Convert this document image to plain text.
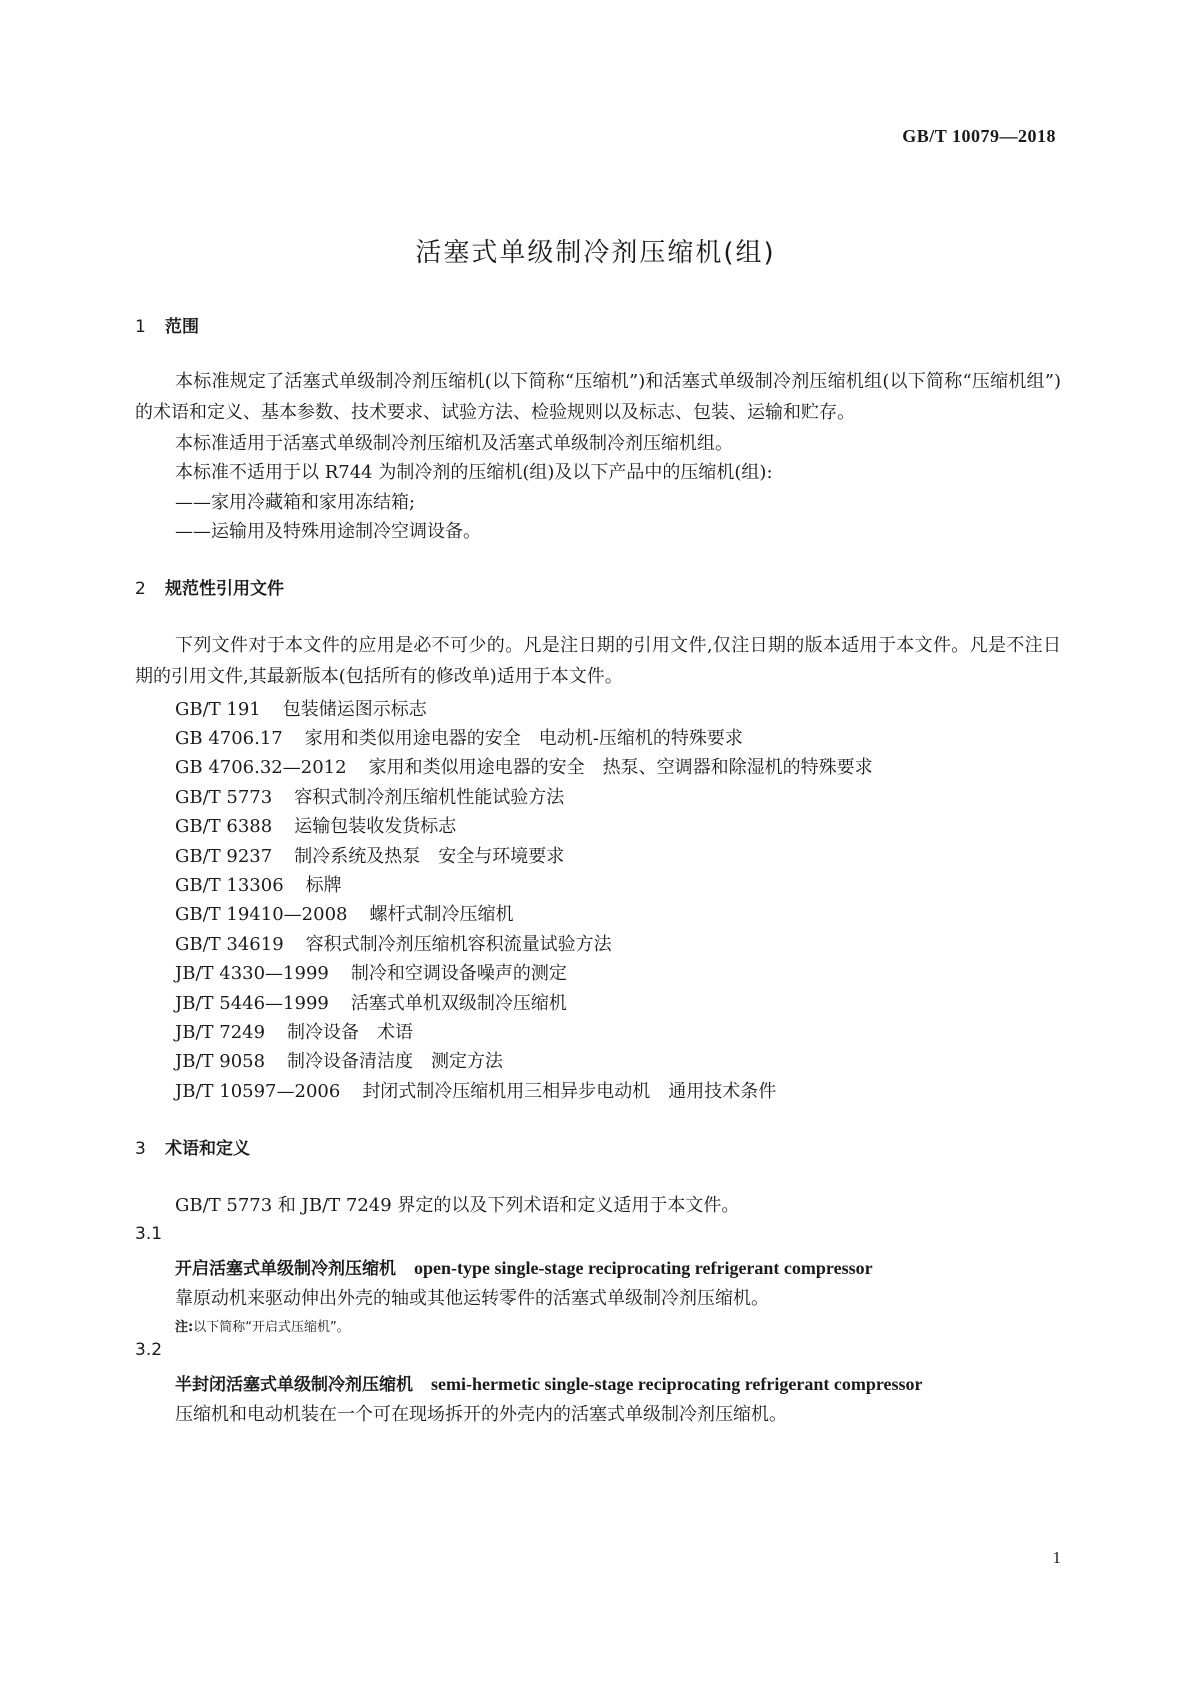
GB/T 10079—2018
活塞式单级制冷剂压缩机(组)
1 范围
本标准规定了活塞式单级制冷剂压缩机(以下简称“压缩机”)和活塞式单级制冷剂压缩机组(以下简称“压缩机组”)的术语和定义、基本参数、技术要求、试验方法、检验规则以及标志、包装、运输和贮存。
本标准适用于活塞式单级制冷剂压缩机及活塞式单级制冷剂压缩机组。
本标准不适用于以 R744 为制冷剂的压缩机(组)及以下产品中的压缩机(组):
——家用冷藏箱和家用冻结箱;
——运输用及特殊用途制冷空调设备。
2 规范性引用文件
下列文件对于本文件的应用是必不可少的。凡是注日期的引用文件,仅注日期的版本适用于本文件。凡是不注日期的引用文件,其最新版本(包括所有的修改单)适用于本文件。
GB/T 191 包装储运图示标志
GB 4706.17 家用和类似用途电器的安全　电动机-压缩机的特殊要求
GB 4706.32—2012 家用和类似用途电器的安全　热泵、空调器和除湿机的特殊要求
GB/T 5773 容积式制冷剂压缩机性能试验方法
GB/T 6388 运输包装收发货标志
GB/T 9237 制冷系统及热泵　安全与环境要求
GB/T 13306 标牌
GB/T 19410—2008 螺杆式制冷压缩机
GB/T 34619 容积式制冷剂压缩机容积流量试验方法
JB/T 4330—1999 制冷和空调设备噪声的测定
JB/T 5446—1999 活塞式单机双级制冷压缩机
JB/T 7249 制冷设备　术语
JB/T 9058 制冷设备清洁度　测定方法
JB/T 10597—2006 封闭式制冷压缩机用三相异步电动机　通用技术条件
3 术语和定义
GB/T 5773 和 JB/T 7249 界定的以及下列术语和定义适用于本文件。
3.1
开启活塞式单级制冷剂压缩机 open-type single-stage reciprocating refrigerant compressor
靠原动机来驱动伸出外壳的轴或其他运转零件的活塞式单级制冷剂压缩机。
注:以下简称“开启式压缩机”。
3.2
半封闭活塞式单级制冷剂压缩机 semi-hermetic single-stage reciprocating refrigerant compressor
压缩机和电动机装在一个可在现场拆开的外壳内的活塞式单级制冷剂压缩机。
1
